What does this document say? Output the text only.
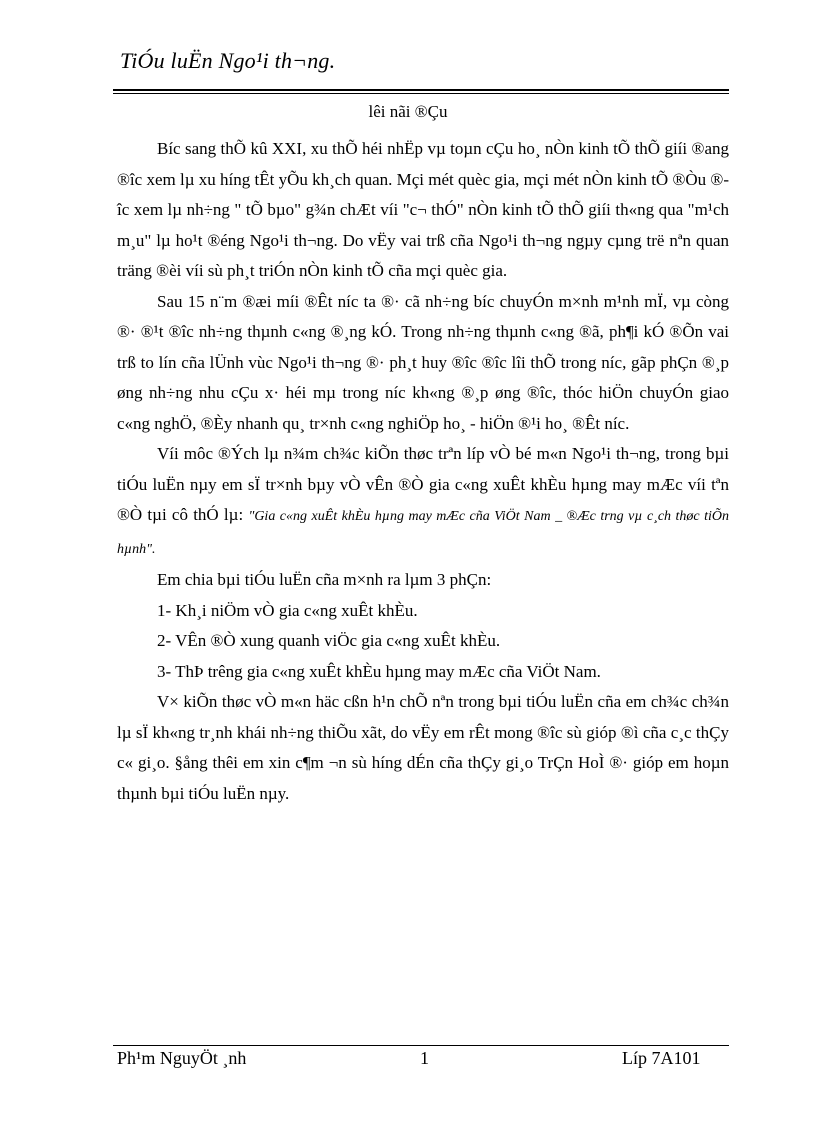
TiÓu luËn Ngo¹i th¬ng.
lêi nãi ®Çu

Bíc sang thÕ kû XXI, xu thÕ héi nhËp vµ toµn cÇu ho¸ nÒn kinh tÕ thÕ giíi ®ang ®îc xem lµ xu híng tÊt yÕu kh¸ch quan. Mçi mét quèc gia, mçi mét nÒn kinh tÕ ®Òu ®îc xem lµ nh÷ng " tÕ bµo" g¾n chÆt víi "c¬ thÓ" nÒn kinh tÕ thÕ giíi th«ng qua "m¹ch m¸u" lµ ho¹t ®éng Ngo¹i th¬ng. Do vËy vai trß cña Ngo¹i th¬ng ngµy cµng trë nªn quan träng ®èi víi sù ph¸t triÓn nÒn kinh tÕ cña mçi quèc gia.

Sau 15 n¨m ®æi míi ®Êt níc ta ®· cã nh÷ng bíc chuyÓn m×nh m¹nh mÏ, vµ còng ®· ®¹t ®îc nh÷ng thµnh c«ng ®¸ng kÓ. Trong nh÷ng thµnh c«ng ®ã, ph¶i kÓ ®Õn vai trß to lín cña lÜnh vùc Ngo¹i th¬ng ®· ph¸t huy ®îc ®îc lîi thÕ trong níc, gãp phÇn ®¸p øng nh÷ng nhu cÇu x· héi mµ trong níc kh«ng ®¸p øng ®îc, thóc hiÖn chuyÓn giao c«ng nghÖ, ®Èy nhanh qu¸ tr×nh c«ng nghiÖp ho¸ - hiÖn ®¹i ho¸ ®Êt níc.

Víi môc ®Ých lµ n¾m ch¾c kiÕn thøc trªn líp vÒ bé m«n Ngo¹i th¬ng, trong bµi tiÓu luËn nµy em sÏ tr×nh bµy vÒ vÊn ®Ò gia c«ng xuÊt khÈu hµng may mÆc víi tªn ®Ò tµi cô thÓ lµ: "Gia c«ng xuÊt khÈu hµng may mÆc cña ViÖt Nam _ ®Æc trng vµ c¸ch thøc tiÕn hµnh".

Em chia bµi tiÓu luËn cña m×nh ra lµm 3 phÇn:

1- Kh¸i niÖm vÒ gia c«ng xuÊt khÈu.

2- VÊn ®Ò xung quanh viÖc gia c«ng xuÊt khÈu.

3- ThÞ trêng gia c«ng xuÊt khÈu hµng may mÆc cña ViÖt Nam.

V× kiÕn thøc vÒ m«n häc cßn h¹n chÕ nªn trong bµi tiÓu luËn cña em ch¾c ch¾n lµ sÏ kh«ng tr¸nh khái nh÷ng thiÕu xãt, do vËy em rÊt mong ®îc sù gióp ®ì cña c¸c thÇy c« gi¸o. §ång thêi em xin c¶m ¬n sù híng dÉn cña thÇy gi¸o TrÇn HoÌ ®· gióp em hoµn thµnh bµi tiÓu luËn nµy.

Ph¹m NguyÖt ¸nh	1	Líp 7A101
